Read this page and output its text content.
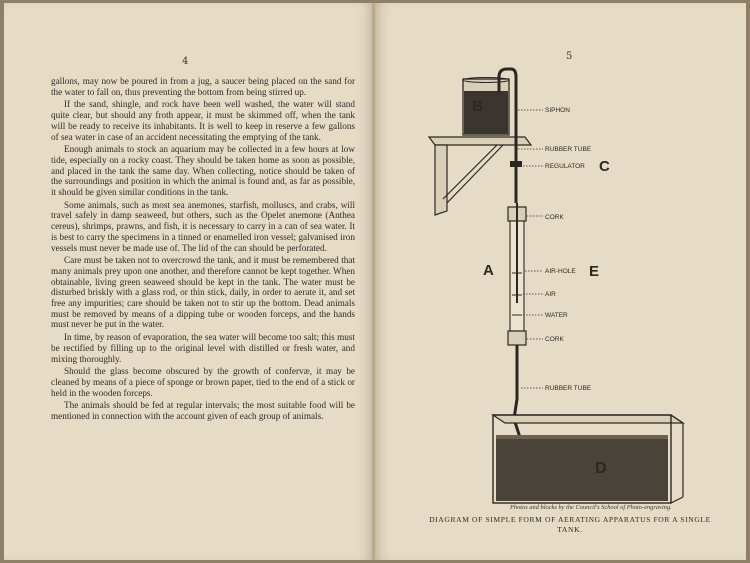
4

gallons, may now be poured in from a jug, a saucer being placed on the sand for the water to fall on, thus preventing the bottom from being stirred up.

If the sand, shingle, and rock have been well washed, the water will stand quite clear, but should any froth appear, it must be skimmed off, when the tank will be ready to receive its inhabitants. It is well to keep in reserve a few gallons of sea water in case of an accident necessitating the emptying of the tank.

Enough animals to stock an aquarium may be collected in a few hours at low tide, especially on a rocky coast. They should be taken home as soon as possible, and placed in the tank the same day. When collecting, notice should be taken of the surroundings and position in which the animal is found and, as far as possible, it should be given similar conditions in the tank.

Some animals, such as most sea anemones, starfish, molluscs, and crabs, will travel safely in damp seaweed, but others, such as the Opelet anemone (Anthea cereus), shrimps, prawns, and fish, it is necessary to carry in a can of sea water. It is best to carry the specimens in a tinned or enamelled iron vessel; galvanised iron vessels must never be made use of. The lid of the can should be perforated.

Care must be taken not to overcrowd the tank, and it must be remembered that many animals prey upon one another, and therefore cannot be kept together. When obtainable, living green seaweed should be kept in the tank. The water must be disturbed briskly with a glass rod, or thin stick, daily, in order to aerate it, and set free any impurities; care should be taken not to stir up the bottom. Dead animals must be removed by means of a dipping tube or wooden forceps, and the hands must never be put in the water.

In time, by reason of evaporation, the sea water will become too salt; this must be rectified by filling up to the original level with distilled or fresh water, and mixing thoroughly.

Should the glass become obscured by the growth of confervæ, it may be cleaned by means of a piece of sponge or brown paper, tied to the end of a stick or held in the wooden forceps.

The animals should be fed at regular intervals; the most suitable food will be mentioned in connection with the account given of each group of animals.

5
B
D
SIPHON
RUBBER TUBE
REGULATOR C
CORK
A	AIR-HOLE E
AIR
WATER
CORK
RUBBER TUBE
Photos and blocks by the Council's School of Photo-engraving.
DIAGRAM OF SIMPLE FORM OF AERATING APPARATUS FOR A SINGLE TANK.
